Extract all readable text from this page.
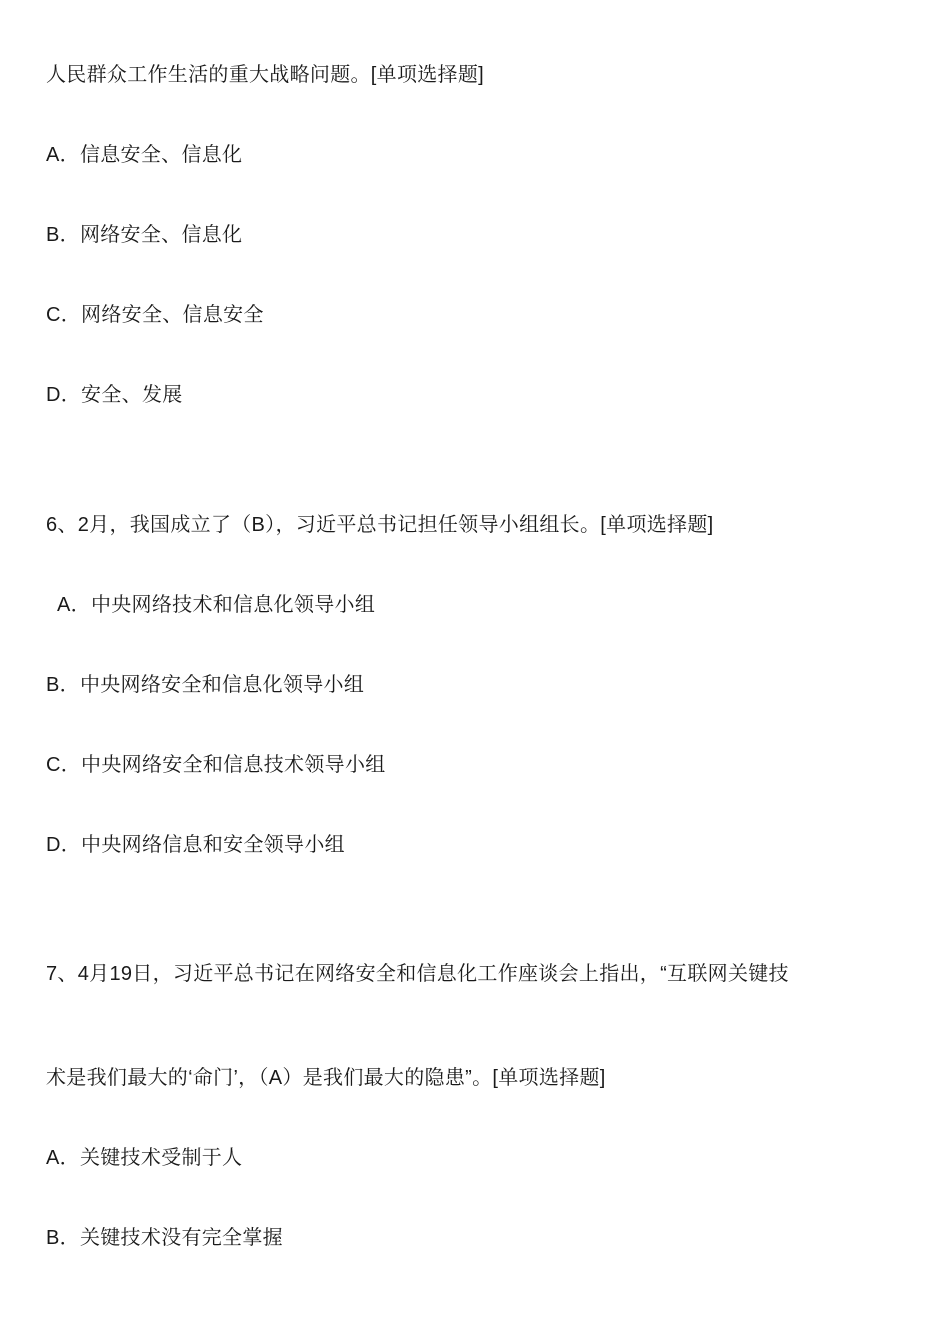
人民群众工作生活的重大战略问题。[单项选择题]
A．信息安全、信息化
B．网络安全、信息化
C．网络安全、信息安全
D．安全、发展
6、2月，我国成立了（B），习近平总书记担任领导小组组长。[单项选择题]
A．中央网络技术和信息化领导小组
B．中央网络安全和信息化领导小组
C．中央网络安全和信息技术领导小组
D．中央网络信息和安全领导小组
7、4月19日，习近平总书记在网络安全和信息化工作座谈会上指出，“互联网关键技
术是我们最大的‘命门’，（A）是我们最大的隐患”。[单项选择题]
A．关键技术受制于人
B．关键技术没有完全掌握
